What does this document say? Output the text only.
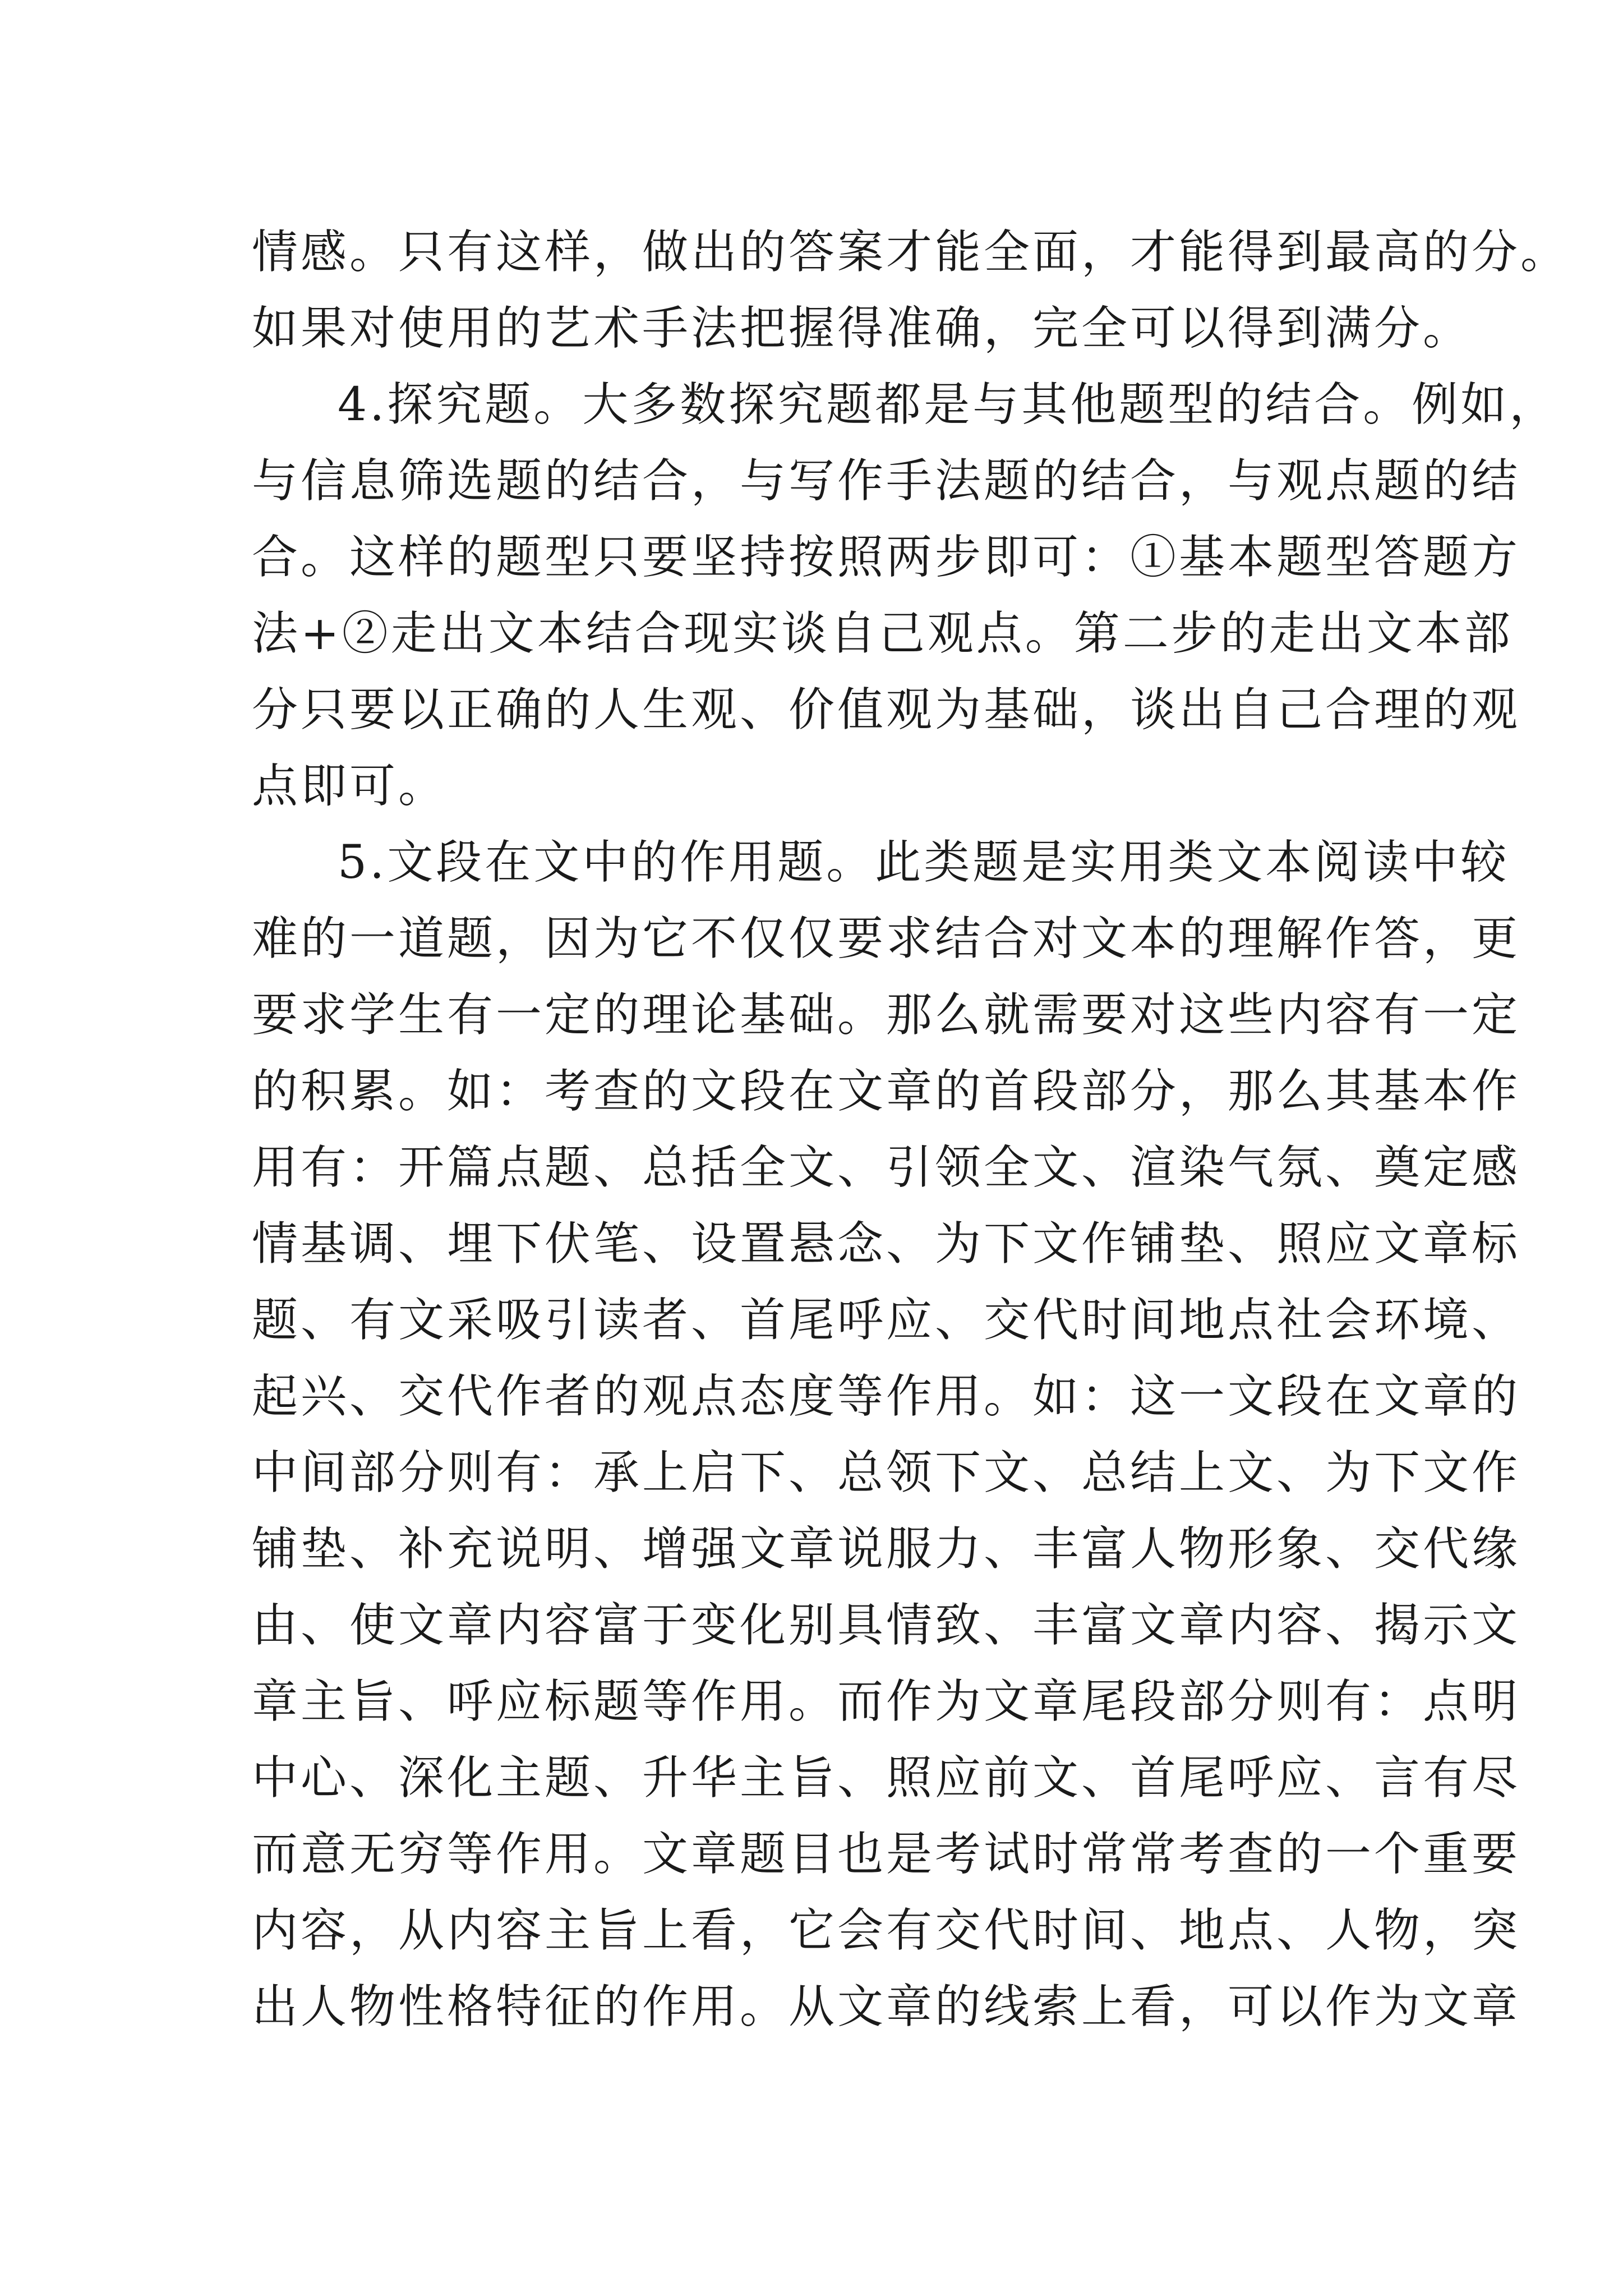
情感。只有这样，做出的答案才能全面，才能得到最高的分。
如果对使用的艺术手法把握得准确，完全可以得到满分。
4.探究题。大多数探究题都是与其他题型的结合。例如，
与信息筛选题的结合，与写作手法题的结合，与观点题的结
合。这样的题型只要坚持按照两步即可：①基本题型答题方
法+②走出文本结合现实谈自己观点。第二步的走出文本部
分只要以正确的人生观、价值观为基础，谈出自己合理的观
点即可。
5.文段在文中的作用题。此类题是实用类文本阅读中较
难的一道题，因为它不仅仅要求结合对文本的理解作答，更
要求学生有一定的理论基础。那么就需要对这些内容有一定
的积累。如：考查的文段在文章的首段部分，那么其基本作
用有：开篇点题、总括全文、引领全文、渲染气氛、奠定感
情基调、埋下伏笔、设置悬念、为下文作铺垫、照应文章标
题、有文采吸引读者、首尾呼应、交代时间地点社会环境、
起兴、交代作者的观点态度等作用。如：这一文段在文章的
中间部分则有：承上启下、总领下文、总结上文、为下文作
铺垫、补充说明、增强文章说服力、丰富人物形象、交代缘
由、使文章内容富于变化别具情致、丰富文章内容、揭示文
章主旨、呼应标题等作用。而作为文章尾段部分则有：点明
中心、深化主题、升华主旨、照应前文、首尾呼应、言有尽
而意无穷等作用。文章题目也是考试时常常考查的一个重要
内容，从内容主旨上看，它会有交代时间、地点、人物，突
出人物性格特征的作用。从文章的线索上看，可以作为文章
